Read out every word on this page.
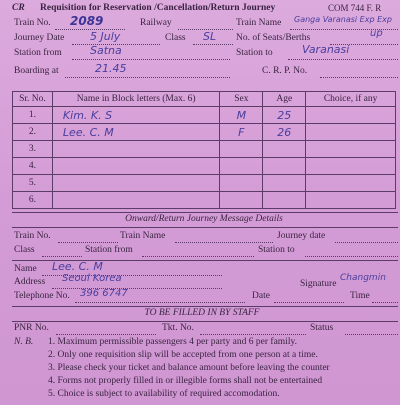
CR Requisition for Reservation /Cancellation/Return Journey	COM 744 F. R
Train No. 2089	Railway	Train Name Ganga Varanasi Exp Exp
Journey Date 5 July	Class SL No. of Seats/Berths	up
Station from	Satna	Station to	Varanasi
Boarding at	21.45	C. R. P. No.
Sr. No.	Name in Block letters (Max. 6)	Sex	Age	Choice, if any
1.	Kim. K. S	M	25	
2.	Lee. C. M	F	26	
3.				
4.				
5.				
6.				
Onward/Return Journey Message Details
Train No.	Train Name	Journey date
Class	Station from	Station to
Name Lee. C. M
Address Seoul Korea	Signature
Changmin
Telephone No. 396 6747	Date	Time
TO BE FILLED IN BY STAFF
PNR No.	Tkt. No.	Status
N. B. 1. Maximum permissible passengers 4 per party and 6 per family.
2. Only one requisition slip will be accepted from one person at a time.
3. Please check your ticket and balance amount before leaving the counter
4. Forms not properly filled in or illegible forms shall not be entertained
5. Choice is subject to availability of required accomodation.
